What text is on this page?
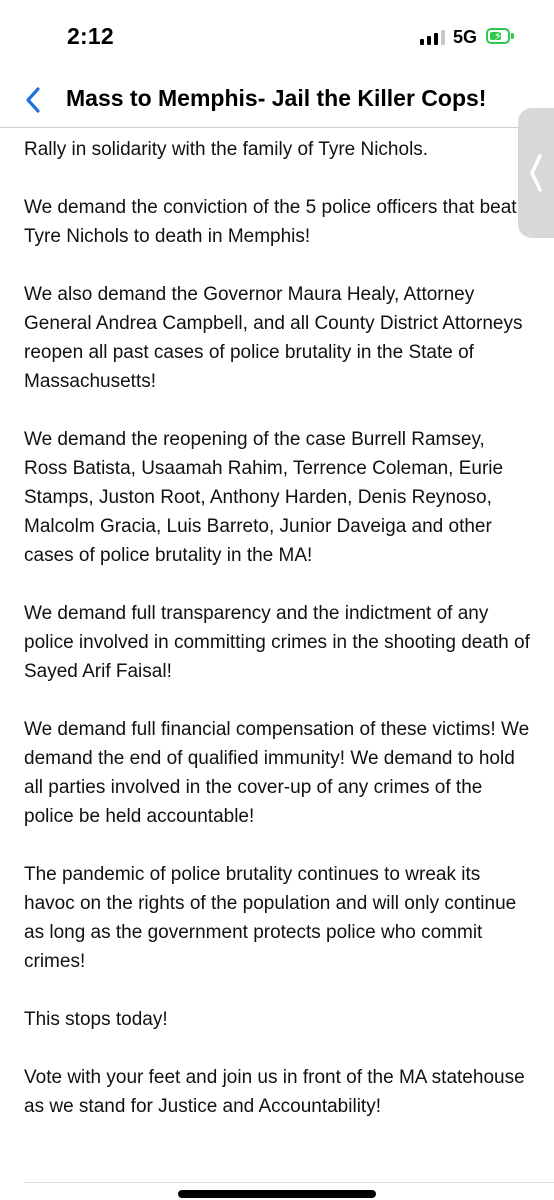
2:12	5G ⚡
Mass to Memphis- Jail the Killer Cops!

Rally in solidarity with the family of Tyre Nichols.

We demand the conviction of the 5 police officers that beat Tyre Nichols to death in Memphis!

We also demand the Governor Maura Healy, Attorney General Andrea Campbell, and all County District Attorneys reopen all past cases of police brutality in the State of Massachusetts!

We demand the reopening of the case Burrell Ramsey, Ross Batista, Usaamah Rahim, Terrence Coleman, Eurie Stamps, Juston Root, Anthony Harden, Denis Reynoso, Malcolm Gracia, Luis Barreto, Junior Daveiga and other cases of police brutality in the MA!

We demand full transparency and the indictment of any police involved in committing crimes in the shooting death of Sayed Arif Faisal!

We demand full financial compensation of these victims! We demand the end of qualified immunity! We demand to hold all parties involved in the cover-up of any crimes of the police be held accountable!

The pandemic of police brutality continues to wreak its havoc on the rights of the population and will only continue as long as the government protects police who commit crimes!

This stops today!

Vote with your feet and join us in front of the MA statehouse as we stand for Justice and Accountability!
